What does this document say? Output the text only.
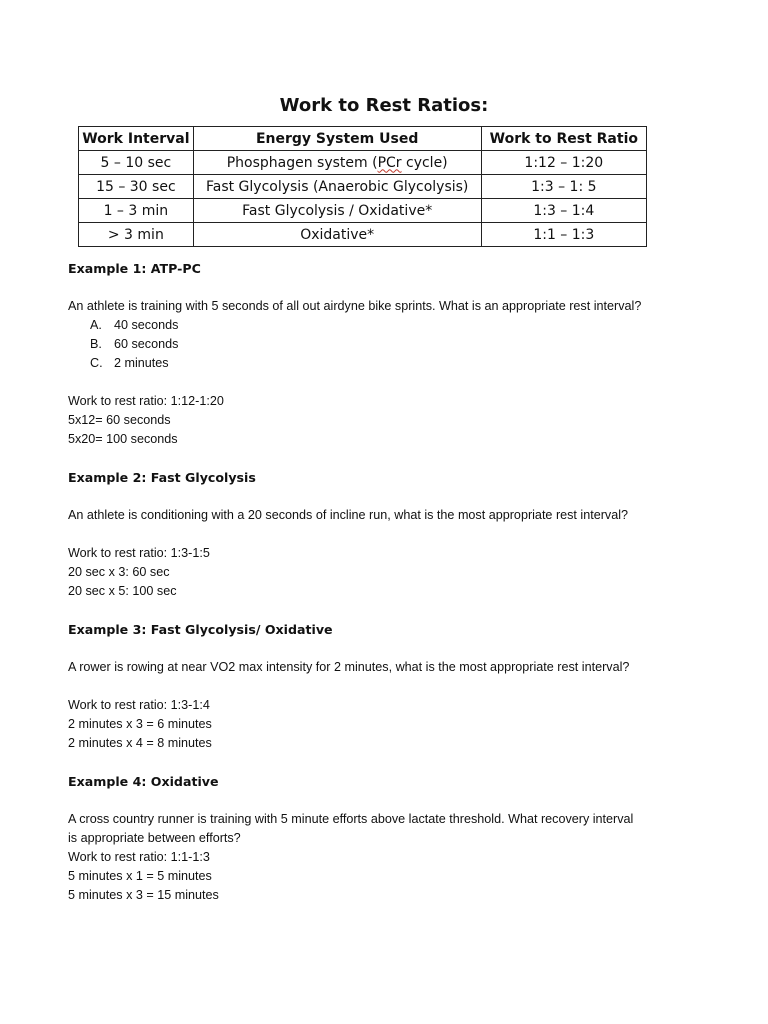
Work to Rest Ratios:
Work Interval	Energy System Used	Work to Rest Ratio
5 – 10 sec	Phosphagen system (PCr cycle)	1:12 – 1:20
15 – 30 sec	Fast Glycolysis (Anaerobic Glycolysis)	1:3 – 1: 5
1 – 3 min	Fast Glycolysis / Oxidative*	1:3 – 1:4
> 3 min	Oxidative*	1:1 – 1:3

Example 1: ATP-PC

An athlete is training with 5 seconds of all out airdyne bike sprints. What is an appropriate rest interval?

A. 40 seconds
B. 60 seconds
C. 2 minutes

Work to rest ratio: 1:12-1:20

5x12= 60 seconds

5x20= 100 seconds

Example 2: Fast Glycolysis

An athlete is conditioning with a 20 seconds of incline run, what is the most appropriate rest interval?

Work to rest ratio: 1:3-1:5

20 sec x 3: 60 sec

20 sec x 5: 100 sec

Example 3: Fast Glycolysis/ Oxidative

A rower is rowing at near VO2 max intensity for 2 minutes, what is the most appropriate rest interval?

Work to rest ratio: 1:3-1:4

2 minutes x 3 = 6 minutes

2 minutes x 4 = 8 minutes

Example 4: Oxidative

A cross country runner is training with 5 minute efforts above lactate threshold. What recovery interval

is appropriate between efforts?

Work to rest ratio: 1:1-1:3

5 minutes x 1 = 5 minutes

5 minutes x 3 = 15 minutes
